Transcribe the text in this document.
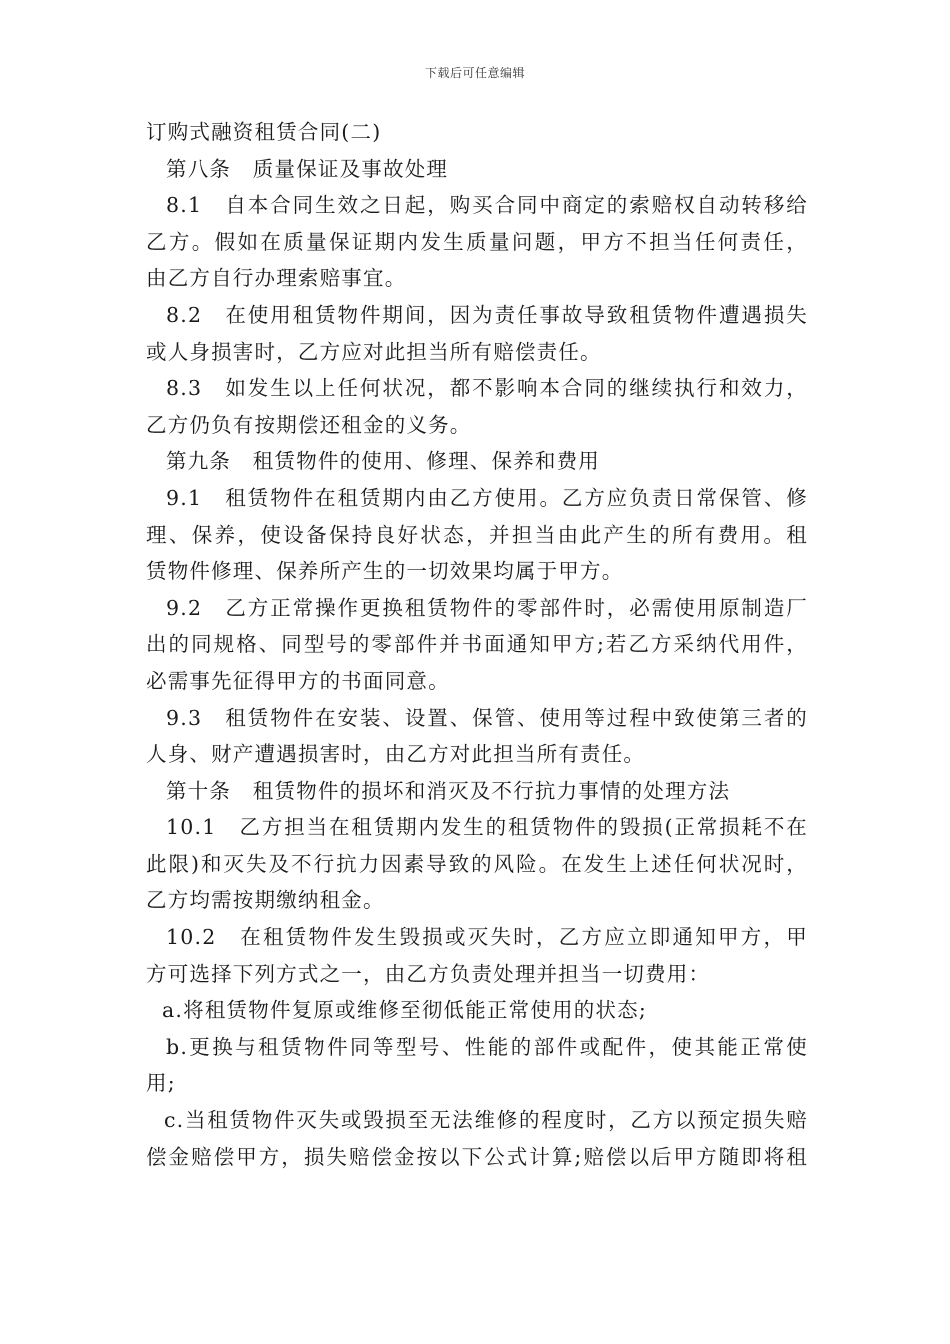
下载后可任意编辑
订购式融资租赁合同(二)
第八条　质量保证及事故处理
8.1　自本合同生效之日起，购买合同中商定的索赔权自动转移给
乙方。假如在质量保证期内发生质量问题，甲方不担当任何责任，
由乙方自行办理索赔事宜。
8.2　在使用租赁物件期间，因为责任事故导致租赁物件遭遇损失
或人身损害时，乙方应对此担当所有赔偿责任。
8.3　如发生以上任何状况，都不影响本合同的继续执行和效力，
乙方仍负有按期偿还租金的义务。
第九条　租赁物件的使用、修理、保养和费用
9.1　租赁物件在租赁期内由乙方使用。乙方应负责日常保管、修
理、保养，使设备保持良好状态，并担当由此产生的所有费用。租
赁物件修理、保养所产生的一切效果均属于甲方。
9.2　乙方正常操作更换租赁物件的零部件时，必需使用原制造厂
出的同规格、同型号的零部件并书面通知甲方;若乙方采纳代用件，
必需事先征得甲方的书面同意。
9.3　租赁物件在安装、设置、保管、使用等过程中致使第三者的
人身、财产遭遇损害时，由乙方对此担当所有责任。
第十条　租赁物件的损坏和消灭及不行抗力事情的处理方法
10.1　乙方担当在租赁期内发生的租赁物件的毁损(正常损耗不在
此限)和灭失及不行抗力因素导致的风险。在发生上述任何状况时，
乙方均需按期缴纳租金。
10.2　在租赁物件发生毁损或灭失时，乙方应立即通知甲方，甲
方可选择下列方式之一，由乙方负责处理并担当一切费用：
a.将租赁物件复原或维修至彻低能正常使用的状态;
b.更换与租赁物件同等型号、性能的部件或配件，使其能正常使
用;
c.当租赁物件灭失或毁损至无法维修的程度时，乙方以预定损失赔
偿金赔偿甲方，损失赔偿金按以下公式计算;赔偿以后甲方随即将租
